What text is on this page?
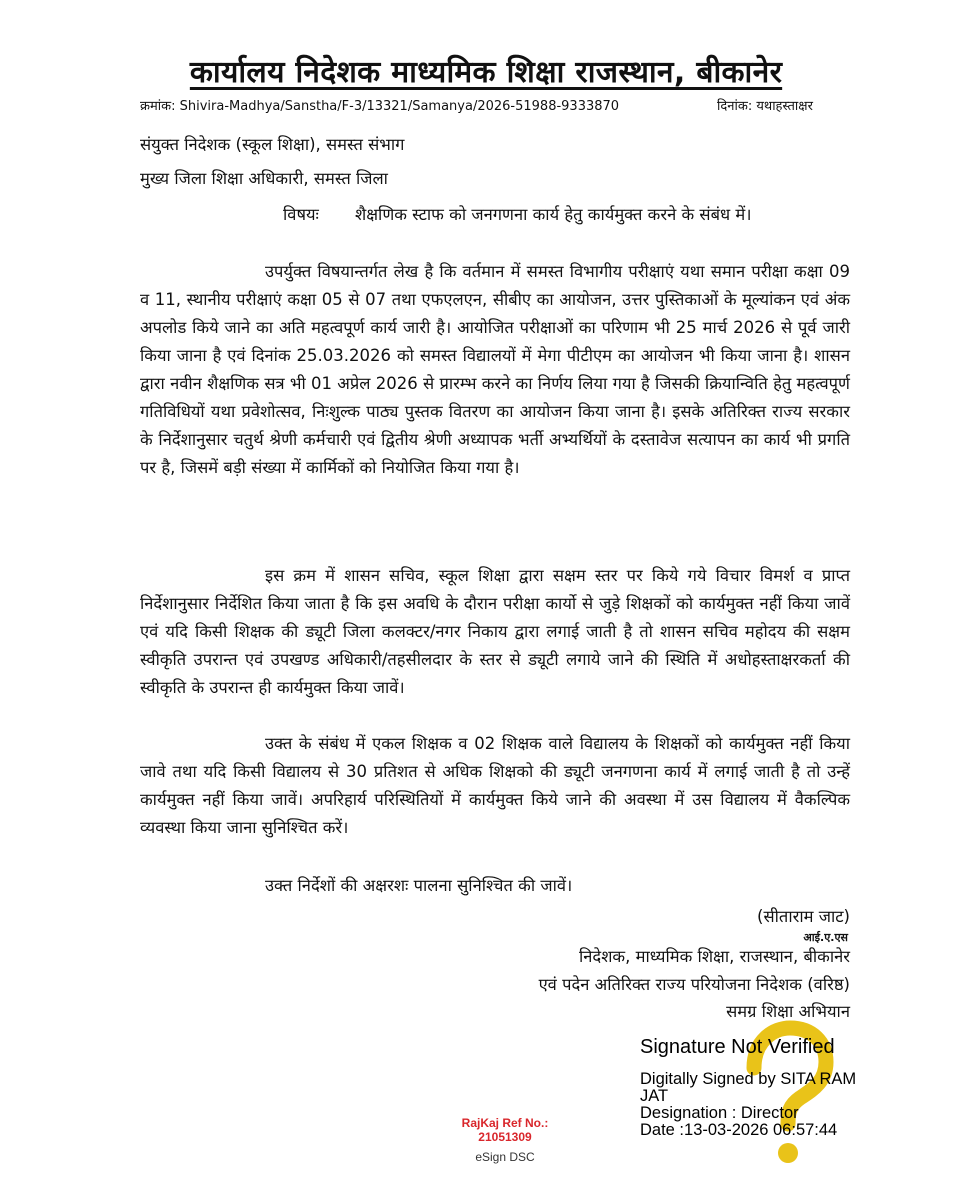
कार्यालय निदेशक माध्यमिक शिक्षा राजस्थान, बीकानेर
क्रमांक: Shivira-Madhya/Sanstha/F-3/13321/Samanya/2026-51988-9333870	दिनांक: यथाहस्ताक्षर
संयुक्त निदेशक (स्कूल शिक्षा), समस्त संभाग
मुख्य जिला शिक्षा अधिकारी, समस्त जिला
विषयः शैक्षणिक स्टाफ को जनगणना कार्य हेतु कार्यमुक्त करने के संबंध में।
उपर्युक्त विषयान्तर्गत लेख है कि वर्तमान में समस्त विभागीय परीक्षाएं यथा समान परीक्षा कक्षा 09 व 11, स्थानीय परीक्षाएं कक्षा 05 से 07 तथा एफएलएन, सीबीए का आयोजन, उत्तर पुस्तिकाओं के मूल्यांकन एवं अंक अपलोड किये जाने का अति महत्वपूर्ण कार्य जारी है। आयोजित परीक्षाओं का परिणाम भी 25 मार्च 2026 से पूर्व जारी किया जाना है एवं दिनांक 25.03.2026 को समस्त विद्यालयों में मेगा पीटीएम का आयोजन भी किया जाना है। शासन द्वारा नवीन शैक्षणिक सत्र भी 01 अप्रेल 2026 से प्रारम्भ करने का निर्णय लिया गया है जिसकी क्रियान्विति हेतु महत्वपूर्ण गतिविधियों यथा प्रवेशोत्सव, निःशुल्क पाठ्य पुस्तक वितरण का आयोजन किया जाना है। इसके अतिरिक्त राज्य सरकार के निर्देशानुसार चतुर्थ श्रेणी कर्मचारी एवं द्वितीय श्रेणी अध्यापक भर्ती अभ्यर्थियों के दस्तावेज सत्यापन का कार्य भी प्रगति पर है, जिसमें बड़ी संख्या में कार्मिकों को नियोजित किया गया है।
इस क्रम में शासन सचिव, स्कूल शिक्षा द्वारा सक्षम स्तर पर किये गये विचार विमर्श व प्राप्त निर्देशानुसार निर्देशित किया जाता है कि इस अवधि के दौरान परीक्षा कार्यो से जुड़े शिक्षकों को कार्यमुक्त नहीं किया जावें एवं यदि किसी शिक्षक की ड्यूटी जिला कलक्टर/नगर निकाय द्वारा लगाई जाती है तो शासन सचिव महोदय की सक्षम स्वीकृति उपरान्त एवं उपखण्ड अधिकारी/तहसीलदार के स्तर से ड्यूटी लगाये जाने की स्थिति में अधोहस्ताक्षरकर्ता की स्वीकृति के उपरान्त ही कार्यमुक्त किया जावें।
उक्त के संबंध में एकल शिक्षक व 02 शिक्षक वाले विद्यालय के शिक्षकों को कार्यमुक्त नहीं किया जावे तथा यदि किसी विद्यालय से 30 प्रतिशत से अधिक शिक्षको की ड्यूटी जनगणना कार्य में लगाई जाती है तो उन्हें कार्यमुक्त नहीं किया जावें। अपरिहार्य परिस्थितियों में कार्यमुक्त किये जाने की अवस्था में उस विद्यालय में वैकल्पिक व्यवस्था किया जाना सुनिश्चित करें।
उक्त निर्देशों की अक्षरशः पालना सुनिश्चित की जावें।
(सीताराम जाट)
आई.ए.एस
निदेशक, माध्यमिक शिक्षा, राजस्थान, बीकानेर
एवं पदेन अतिरिक्त राज्य परियोजना निदेशक (वरिष्ठ)
समग्र शिक्षा अभियान
Signature Not Verified
Digitally Signed by SITA RAM JAT
Designation : Director
Date :13-03-2026 06:57:44
RajKaj Ref No.:
21051309
eSign DSC
